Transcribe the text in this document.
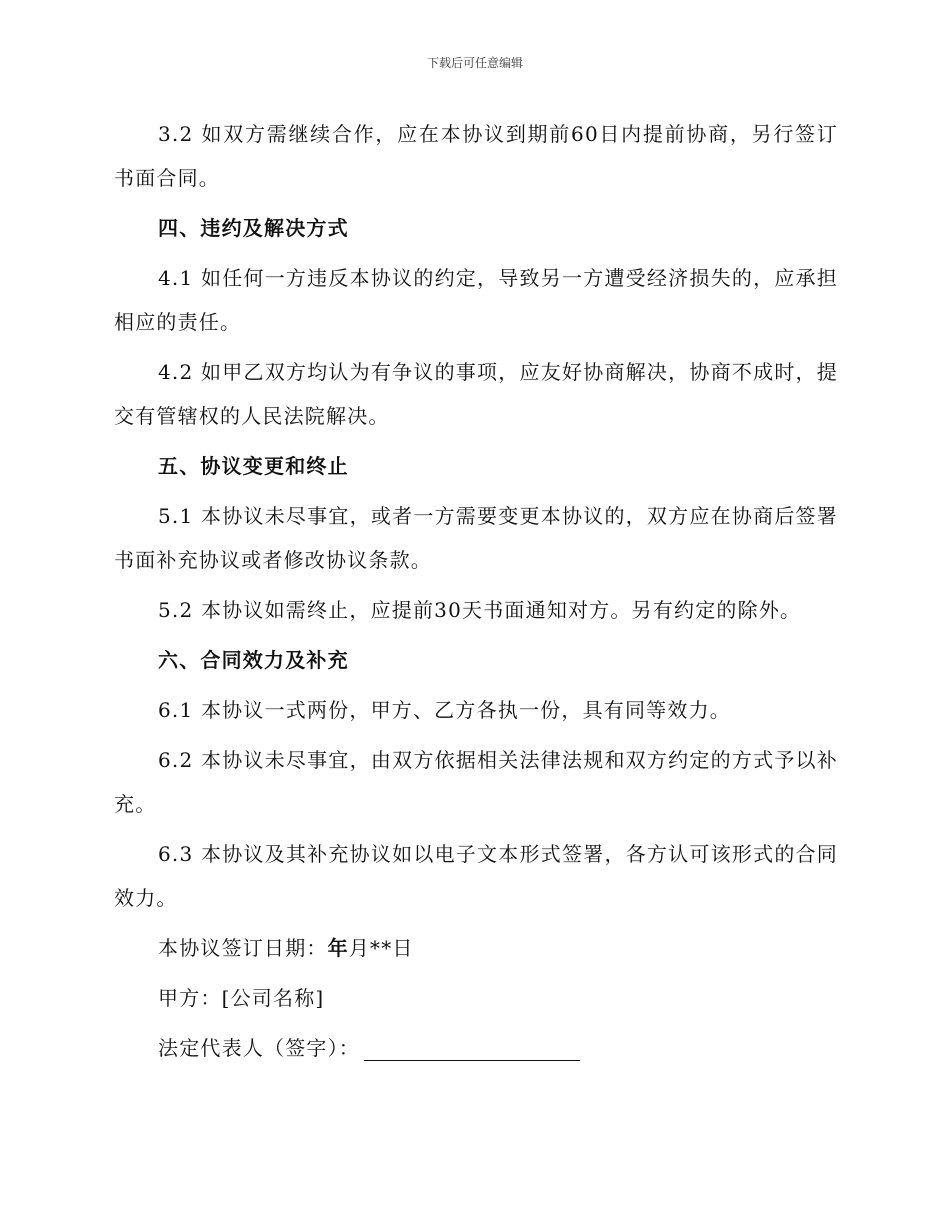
下载后可任意编辑

3.2 如双方需继续合作，应在本协议到期前60日内提前协商，另行签订书面合同。

四、违约及解决方式

4.1 如任何一方违反本协议的约定，导致另一方遭受经济损失的，应承担相应的责任。

4.2 如甲乙双方均认为有争议的事项，应友好协商解决，协商不成时，提交有管辖权的人民法院解决。

五、协议变更和终止

5.1 本协议未尽事宜，或者一方需要变更本协议的，双方应在协商后签署书面补充协议或者修改协议条款。

5.2 本协议如需终止，应提前30天书面通知对方。另有约定的除外。

六、合同效力及补充

6.1 本协议一式两份，甲方、乙方各执一份，具有同等效力。

6.2 本协议未尽事宜，由双方依据相关法律法规和双方约定的方式予以补充。

6.3 本协议及其补充协议如以电子文本形式签署，各方认可该形式的合同效力。

本协议签订日期：年月**日

甲方：[公司名称]

法定代表人（签字）：
